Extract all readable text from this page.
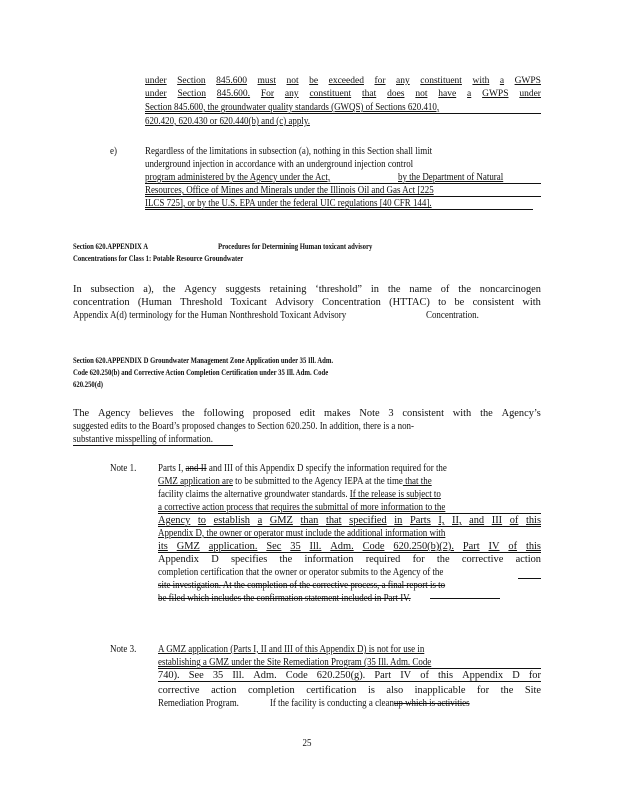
under Section 845.600 must not be exceeded for any constituent with a GWPS
under Section 845.600. For any constituent that does not have a GWPS under
Section 845.600, the groundwater quality standards (GWQS) of Sections 620.410,
620.420, 620.430 or 620.440(b) and (c) apply.
e)	Regardless of the limitations in subsection (a), nothing in this Section shall limit
underground injection in accordance with an underground injection control
program administered by the Agency under the Act,	by the Department of Natural
Resources, Office of Mines and Minerals under the Illinois Oil and Gas Act [225
ILCS 725], or by the U.S. EPA under the federal UIC regulations [40 CFR 144].
Section 620.APPENDIX A	Procedures for Determining Human toxicant advisory
Concentrations for Class 1: Potable Resource Groundwater
In subsection a), the Agency suggests retaining ‘threshold” in the name of the noncarcinogen
concentration (Human Threshold Toxicant Advisory Concentration (HTTAC) to be consistent with
Appendix A(d) terminology for the Human Nonthreshold Toxicant Advisory	Concentration.
Section 620.APPENDIX D Groundwater Management Zone Application under 35 Ill. Adm.
Code 620.250(b) and Corrective Action Completion Certification under 35 Ill. Adm. Code
620.250(d)
The Agency believes the following proposed edit makes Note 3 consistent with the Agency’s
suggested edits to the Board’s proposed changes to Section 620.250. In addition, there is a non-
substantive misspelling of information.
Note 1. Parts I, and II and III of this Appendix D specify the information required for the
GMZ application are to be submitted to the Agency IEPA at the time that the
facility claims the alternative groundwater standards. If the release is subject to
a corrective action process that requires the submittal of more information to the
Agency to establish a GMZ than that specified in Parts I, II, and III of this
Appendix D, the owner or operator must include the additional information with
its GMZ application. Sec 35 Ill. Adm. Code 620.250(b)(2). Part IV of this
Appendix D specifies the information required for the corrective action
completion certification that the owner or operator submits to the Agency of the
site investigation. At the completion of the corrective process, a final report is to
be filed which includes the confirmation statement included in Part IV.
Note 3. A GMZ application (Parts I, II and III of this Appendix D) is not for use in
establishing a GMZ under the Site Remediation Program (35 Ill. Adm. Code
740). See 35 Ill. Adm. Code 620.250(g). Part IV of this Appendix D for
corrective action completion certification is also inapplicable for the Site
Remediation Program.	If the facility is conducting a cleanup which is activities
25
